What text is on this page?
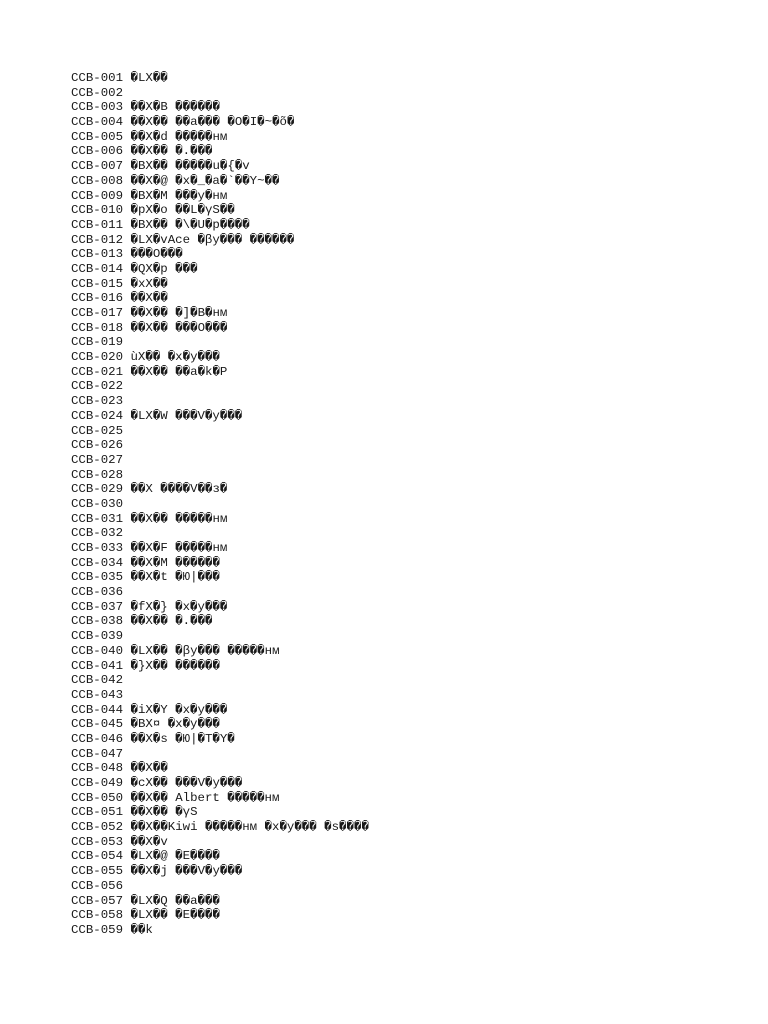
CCB-001 �LX��
CCB-002
CCB-003 ��X�B ������
CCB-004 ��X�� ��a��� �O�I�~�õ�
CCB-005 ��X�d �����нм
CCB-006 ��X�� �.���
CCB-007 �BX�� �����u�{�v
CCB-008 ��X�@ �x�_�a�`��Y~��
CCB-009 �BX�M ���y�нм
CCB-010 �pX�o ��L�γS��
CCB-011 �BX�� �\�U�p����
CCB-012 �LX�vAce �βу��� ������
CCB-013 ���O���
CCB-014 �QX�p ���
CCB-015 �xX��
CCB-016 ��X��
CCB-017 ��X�� �]�B�нм
CCB-018 ��X�� ���O���
CCB-019
CCB-020 ùX�� �x�y���
CCB-021 ��X�� ��a�k�P
CCB-022
CCB-023
CCB-024 �LX�W ���V�y���
CCB-025
CCB-026
CCB-027
CCB-028
CCB-029 ��X ����V��з�
CCB-030
CCB-031 ��X�� �����нм
CCB-032
CCB-033 ��X�F �����нм
CCB-034 ��X�M ������
CCB-035 ��X�t �Ю|���
CCB-036
CCB-037 �fX�} �x�y���
CCB-038 ��X�� �.���
CCB-039
CCB-040 �LX�� �βу��� �����нм
CCB-041 �}X�� ������
CCB-042
CCB-043
CCB-044 �iX�Y �x�y���
CCB-045 �BX¤ �x�y���
CCB-046 ��X�s �Ю|�T�Y�
CCB-047
CCB-048 ��X��
CCB-049 �cX�� ���V�y���
CCB-050 ��X�� Albert �����нм
CCB-051 ��X�� �γS
CCB-052 ��X��Kiwi �����нм �x�y��� �s����
CCB-053 ��X�v
CCB-054 �LX�@ �E����
CCB-055 ��X�j ���V�y���
CCB-056
CCB-057 �LX�Q ��a���
CCB-058 �LX�� �E����
CCB-059 ��k
